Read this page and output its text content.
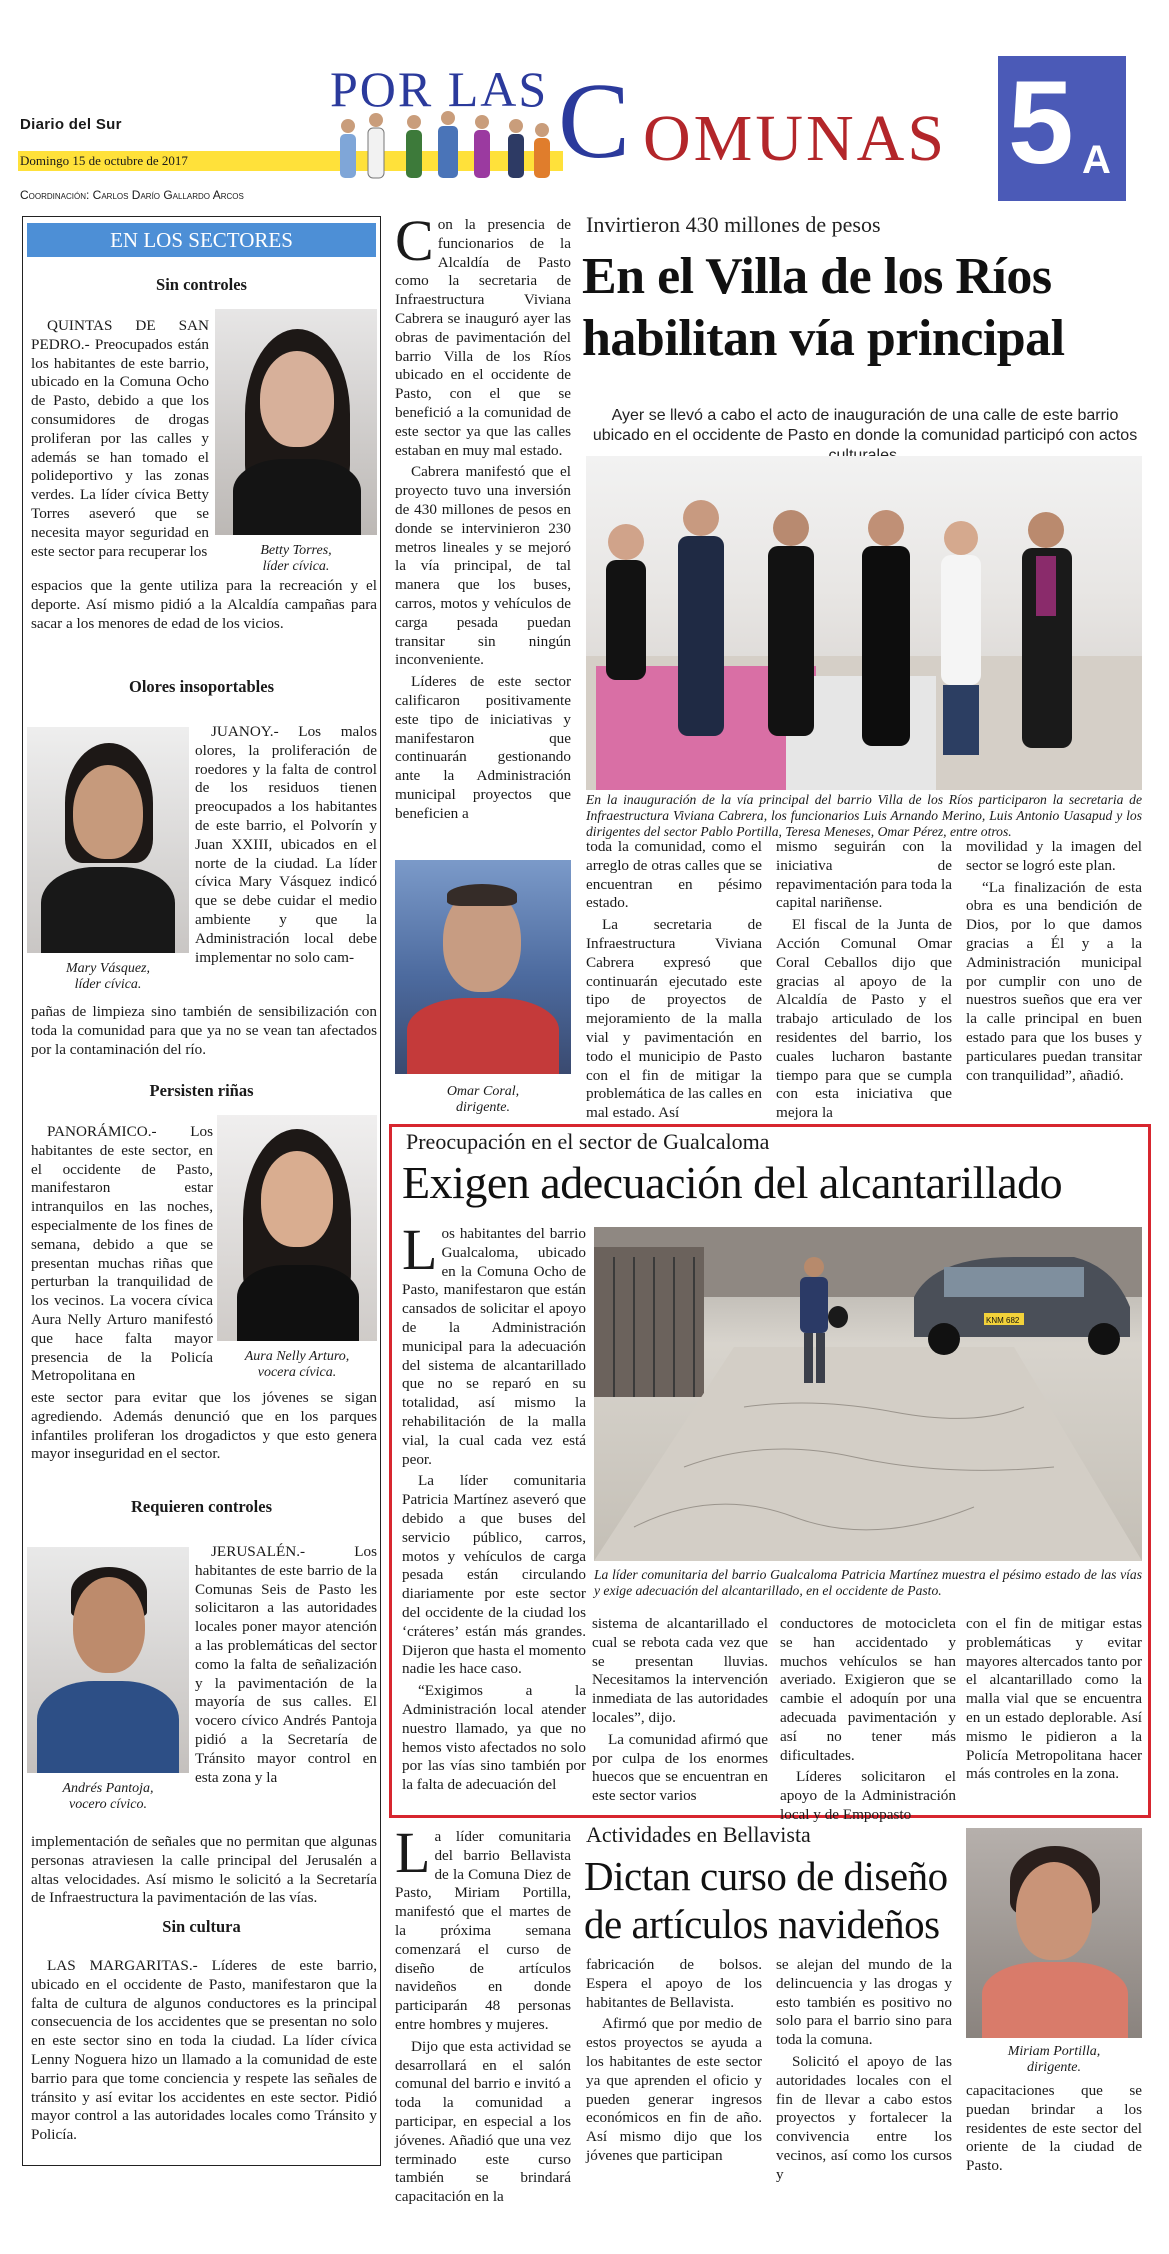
Diario del Sur
Domingo 15 de octubre de 2017
Coordinación: Carlos Darío Gallardo Arcos
POR LAS C OMUNAS 5 A
EN LOS SECTORES
Sin controles

QUINTAS DE SAN PEDRO.- Preocupados están los habitantes de este barrio, ubicado en la Comuna Ocho de Pasto, debido a que los consumidores de drogas proliferan por las calles y además se han tomado el polideportivo y las zonas verdes. La líder cívica Betty Torres aseveró que se necesita mayor seguridad en este sector para recuperar los	Betty Torres,
líder cívica.

espacios que la gente utiliza para la recreación y el deporte. Así mismo pidió a la Alcaldía campañas para sacar a los menores de edad de los vicios.

Olores insoportables

JUANOY.- Los malos olores, la proliferación de roedores y la falta de control de los residuos tienen preocupados a los habitantes de este barrio, el Polvorín y Juan XXIII, ubicados en el norte de la ciudad. La líder cívica Mary Vásquez indicó que se debe cuidar el medio ambiente y que la Administración local debe implementar no solo cam-

Mary Vásquez,
líder cívica.

pañas de limpieza sino también de sensibilización con toda la comunidad para que ya no se vean tan afectados por la contaminación del río.

Persisten riñas

PANORÁMICO.- Los habitantes de este sector, en el occidente de Pasto, manifestaron estar intranquilos en las noches, especialmente de los fines de semana, debido a que se presentan muchas riñas que perturban la tranquilidad de los vecinos. La vocera cívica Aura Nelly Arturo manifestó que hace falta mayor presencia de la Policía Metropolitana en

Aura Nelly Arturo,
vocera cívica.

este sector para evitar que los jóvenes se sigan agrediendo. Además denunció que en los parques infantiles proliferan los drogadictos y que esto genera mayor inseguridad en el sector.

Requieren controles

JERUSALÉN.- Los habitantes de este barrio de la Comunas Seis de Pasto les solicitaron a las autoridades locales poner mayor atención a las problemáticas del sector como la falta de señalización y la pavimentación de la mayoría de sus calles. El vocero cívico Andrés Pantoja pidió a la Secretaría de Tránsito mayor control en esta zona y la

Andrés Pantoja,
vocero cívico.

implementación de señales que no permitan que algunas personas atraviesen la calle principal del Jerusalén a altas velocidades. Así mismo le solicitó a la Secretaría de Infraestructura la pavimentación de las vías.

Sin cultura

LAS MARGARITAS.- Líderes de este barrio, ubicado en el occidente de Pasto, manifestaron que la falta de cultura de algunos conductores es la principal consecuencia de los accidentes que se presentan no solo en este sector sino en toda la ciudad. La líder cívica Lenny Noguera hizo un llamado a la comunidad de este barrio para que tome conciencia y respete las señales de tránsito y así evitar los accidentes en este sector. Pidió mayor control a las autoridades locales como Tránsito y Policía.

Con la presencia de funcionarios de la Alcaldía de Pasto como la secretaria de Infraestructura Viviana Cabrera se inauguró ayer las obras de pavimentación del barrio Villa de los Ríos ubicado en el occidente de Pasto, con el que se benefició a la comunidad de este sector ya que las calles estaban en muy mal estado.

Cabrera manifestó que el proyecto tuvo una inversión de 430 millones de pesos en donde se intervinieron 230 metros lineales y se mejoró la vía principal, de tal manera que los buses, carros, motos y vehículos de carga pesada puedan transitar sin ningún inconveniente.

Líderes de este sector calificaron positivamente este tipo de iniciativas y manifestaron que continuarán gestionando ante la Administración municipal proyectos que beneficien a

Omar Coral,
dirigente.
Invirtieron 430 millones de pesos
En el Villa de los Ríos
habilitan vía principal
Ayer se llevó a cabo el acto de inauguración de una calle de este barrio ubicado en el occidente de Pasto en donde la comunidad participó con actos
En la inauguración de la vía principal del barrio Villa de los Ríos participaron la secretaria de Infraestructura Viviana Cabrera, los funcionarios Luis Arnando Merino, Luis Antonio Uasapud y los dirigentes del sector Pablo Portilla, Teresa Meneses, Omar Pérez, entre otros.

toda la comunidad, como el arreglo de otras calles que se encuentran en pésimo estado.

La secretaria de Infraestructura Viviana Cabrera expresó que continuarán ejecutado este tipo de proyectos de mejoramiento de la malla vial y pavimentación en todo el municipio de Pasto con el fin de mitigar la problemática de las calles en mal estado. Así

mismo seguirán con la iniciativa de repavimentación para toda la capital nariñense.

El fiscal de la Junta de Acción Comunal Omar Coral Ceballos dijo que gracias al apoyo de la Alcaldía de Pasto y el trabajo articulado de los residentes del barrio, los cuales lucharon bastante tiempo para que se cumpla con esta iniciativa que mejora la

movilidad y la imagen del sector se logró este plan.

“La finalización de esta obra es una bendición de Dios, por lo que damos gracias a Él y a la Administración municipal por cumplir con uno de nuestros sueños que era ver la calle principal en buen estado para que los buses y particulares puedan transitar con tranquilidad”, añadió.

Preocupación en el sector de Gualcaloma
Exigen adecuación del alcantarillado

Los habitantes del barrio Gualcaloma, ubicado en la Comuna Ocho de Pasto, manifestaron que están cansados de solicitar el apoyo de la Administración municipal para la adecuación del sistema de alcantarillado que no se reparó en su totalidad, así mismo la rehabilitación de la malla vial, la cual cada vez está peor.

La líder comunitaria Patricia Martínez aseveró que debido a que buses del servicio público, carros, motos y vehículos de carga pesada están circulando diariamente por este sector del occidente de la ciudad los ‘cráteres’ están más grandes. Dijeron que hasta el momento nadie les hace caso.

“Exigimos a la Administración local atender nuestro llamado, ya que no hemos visto afectados no solo por las vías sino también por la falta de adecuación del

KNM 682
La líder comunitaria del barrio Gualcaloma Patricia Martínez muestra el pésimo estado de las vías y exige adecuación del alcantarillado, en el occidente de Pasto.

sistema de alcantarillado el cual se rebota cada vez que se presentan lluvias. Necesitamos la intervención inmediata de las autoridades locales”, dijo.

La comunidad afirmó que por culpa de los enormes huecos que se encuentran en este sector varios

conductores de motocicleta se han accidentado y muchos vehículos se han averiado. Exigieron que se cambie el adoquín por una adecuada pavimentación y así no tener más dificultades.

Líderes solicitaron el apoyo de la Administración local y de Empopasto

con el fin de mitigar estas problemáticas y evitar mayores altercados tanto por el alcantarillado como la malla vial que se encuentra en un estado deplorable. Así mismo le pidieron a la Policía Metropolitana hacer más controles en la zona.

La líder comunitaria del barrio Bellavista de la Comuna Diez de Pasto, Miriam Portilla, manifestó que el martes de la próxima semana comenzará el curso de diseño de artículos navideños en donde participarán 48 personas entre hombres y mujeres.

Dijo que esta actividad se desarrollará en el salón comunal del barrio e invitó a toda la comunidad a participar, en especial a los jóvenes. Añadió que una vez terminado este curso también se brindará capacitación en la

Actividades en Bellavista
Dictan curso de diseño
de artículos navideños

fabricación de bolsos. Espera el apoyo de los habitantes de Bellavista.

Afirmó que por medio de estos proyectos se ayuda a los habitantes de este sector ya que aprenden el oficio y pueden generar ingresos económicos en fin de año. Así mismo dijo que los jóvenes que participan

se alejan del mundo de la delincuencia y las drogas y esto también es positivo no solo para el barrio sino para toda la comuna.

Solicitó el apoyo de las autoridades locales con el fin de llevar a cabo estos proyectos y fortalecer la convivencia entre los vecinos, así como los cursos y

Miriam Portilla,
dirigente.

capacitaciones que se puedan brindar a los residentes de este sector del oriente de la ciudad de Pasto.
